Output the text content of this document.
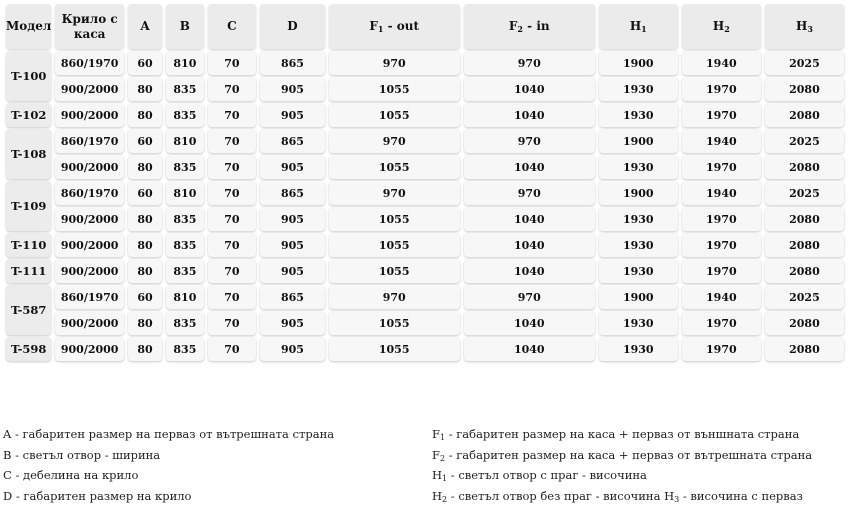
Модел	Крило с каса	A	B	C	D	$F_1$ - out	$F_2$ - in	$H_1$	$H_2$	$H_3$
T-100	860/1970	60	810	70	865	970	970	1900	1940	2025
	900/2000	80	835	70	905	1055	1040	1930	1970	2080
T-102	900/2000	80	835	70	905	1055	1040	1930	1970	2080
T-108	860/1970	60	810	70	865	970	970	1900	1940	2025
	900/2000	80	835	70	905	1055	1040	1930	1970	2080
T-109	860/1970	60	810	70	865	970	970	1900	1940	2025
	900/2000	80	835	70	905	1055	1040	1930	1970	2080
T-110	900/2000	80	835	70	905	1055	1040	1930	1970	2080
T-111	900/2000	80	835	70	905	1055	1040	1930	1970	2080
T-587	860/1970	60	810	70	865	970	970	1900	1940	2025
	900/2000	80	835	70	905	1055	1040	1930	1970	2080
T-598	900/2000	80	835	70	905	1055	1040	1930	1970	2080
A - габаритен размер на перваз от вътрешната страна
B - светъл отвор - ширина
C - дебелина на крило
D - габаритен размер на крило
$F_1$ - габаритен размер на каса + перваз от външната страна
$F_2$ - габаритен размер на каса + перваз от вътрешната страна
$H_1$ - светъл отвор с праг - височина
$H_2$ - светъл отвор без праг - височина $H_3$ - височина с перваз
